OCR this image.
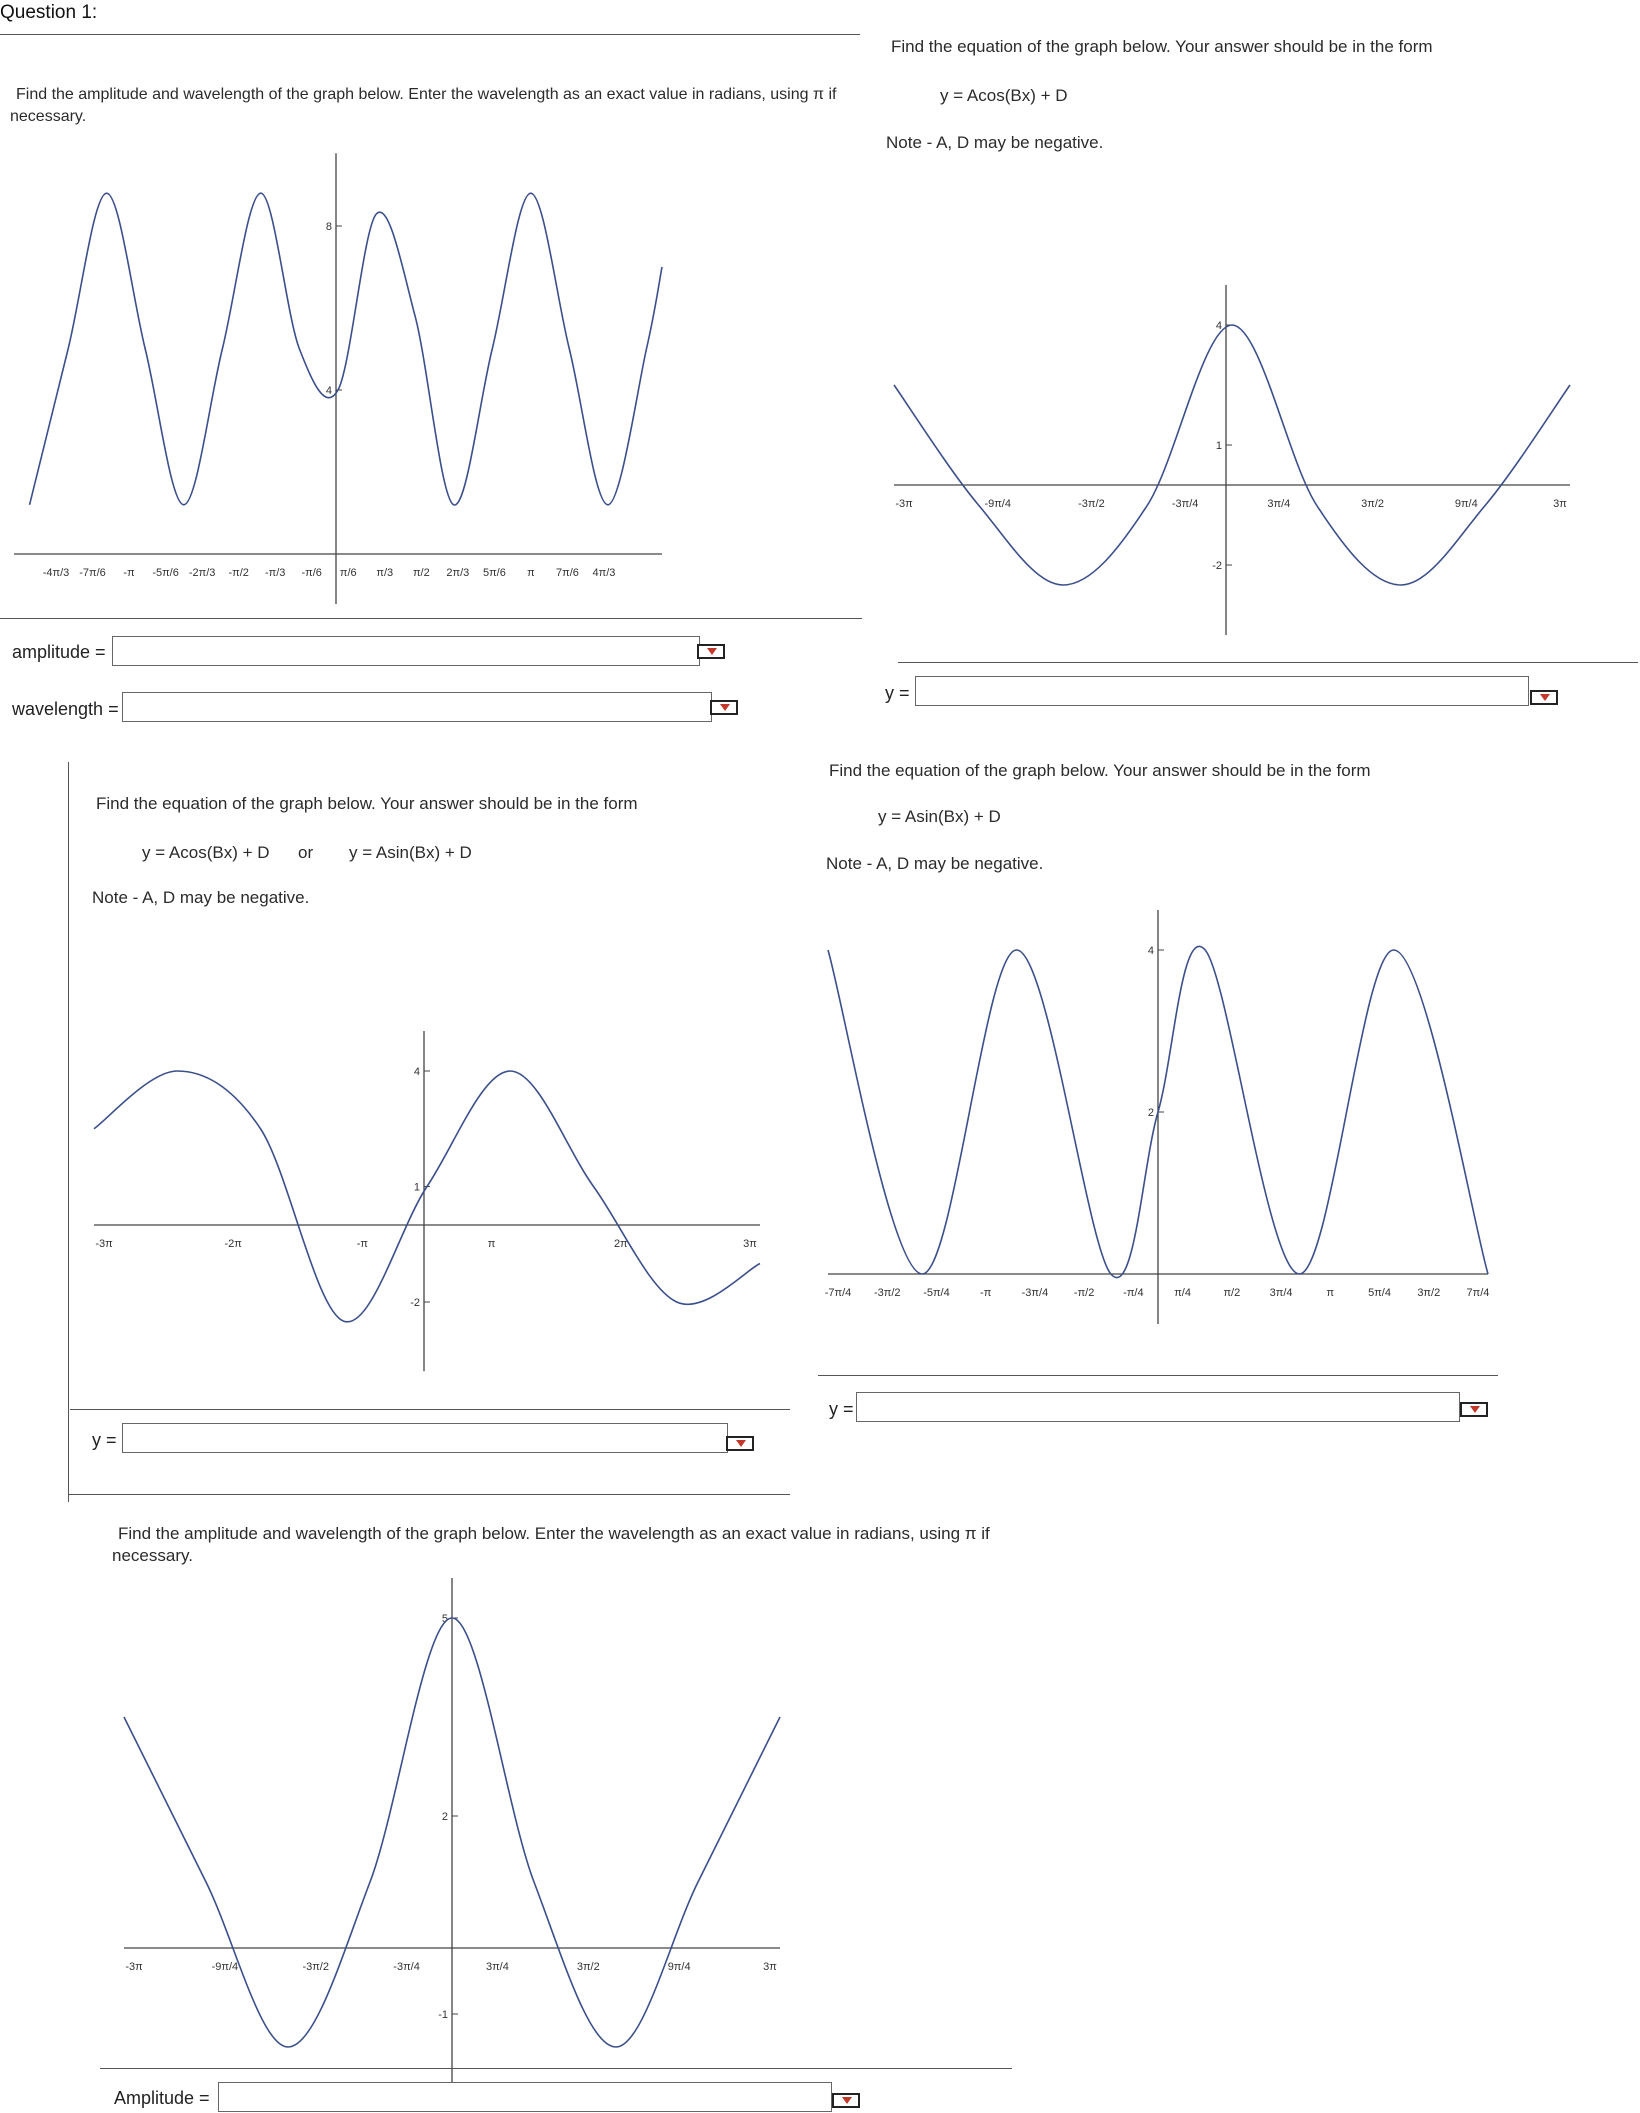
Question 1:
Find the amplitude and wavelength of the graph below. Enter the wavelength as an exact value in radians, using π if
necessary.
8
4
-4π/3 -7π/6 -π -5π/6 -2π/3 -π/2 -π/3 -π/6 π/6 π/3 π/2 2π/3 5π/6 π 7π/6 4π/3
amplitude =
wavelength =
Find the equation of the graph below. Your answer should be in the form
y = Acos(Bx) + D
Note - A, D may be negative.
4
1
-2
-3π	-9π/4	-3π/2	-3π/4	3π/4	3π/2	9π/4	3π
y =
Find the equation of the graph below. Your answer should be in the form
y = Acos(Bx) + D or y = Asin(Bx) + D
Note - A, D may be negative.
4
1
-2
-3π	-2π	-π	π	2π	3π
y =
Find the equation of the graph below. Your answer should be in the form
y = Asin(Bx) + D
Note - A, D may be negative.
4
2
-7π/4 -3π/2 -5π/4	-π	-3π/4 -π/2	-π/4	π/4	π/2	3π/4	π	5π/4 3π/2 7π/4
y =
Find the amplitude and wavelength of the graph below. Enter the wavelength as an exact value in radians, using π if
necessary.
5
2
-1
-3π	-9π/4	-3π/2	-3π/4	3π/4	3π/2	9π/4	3π
Amplitude =
